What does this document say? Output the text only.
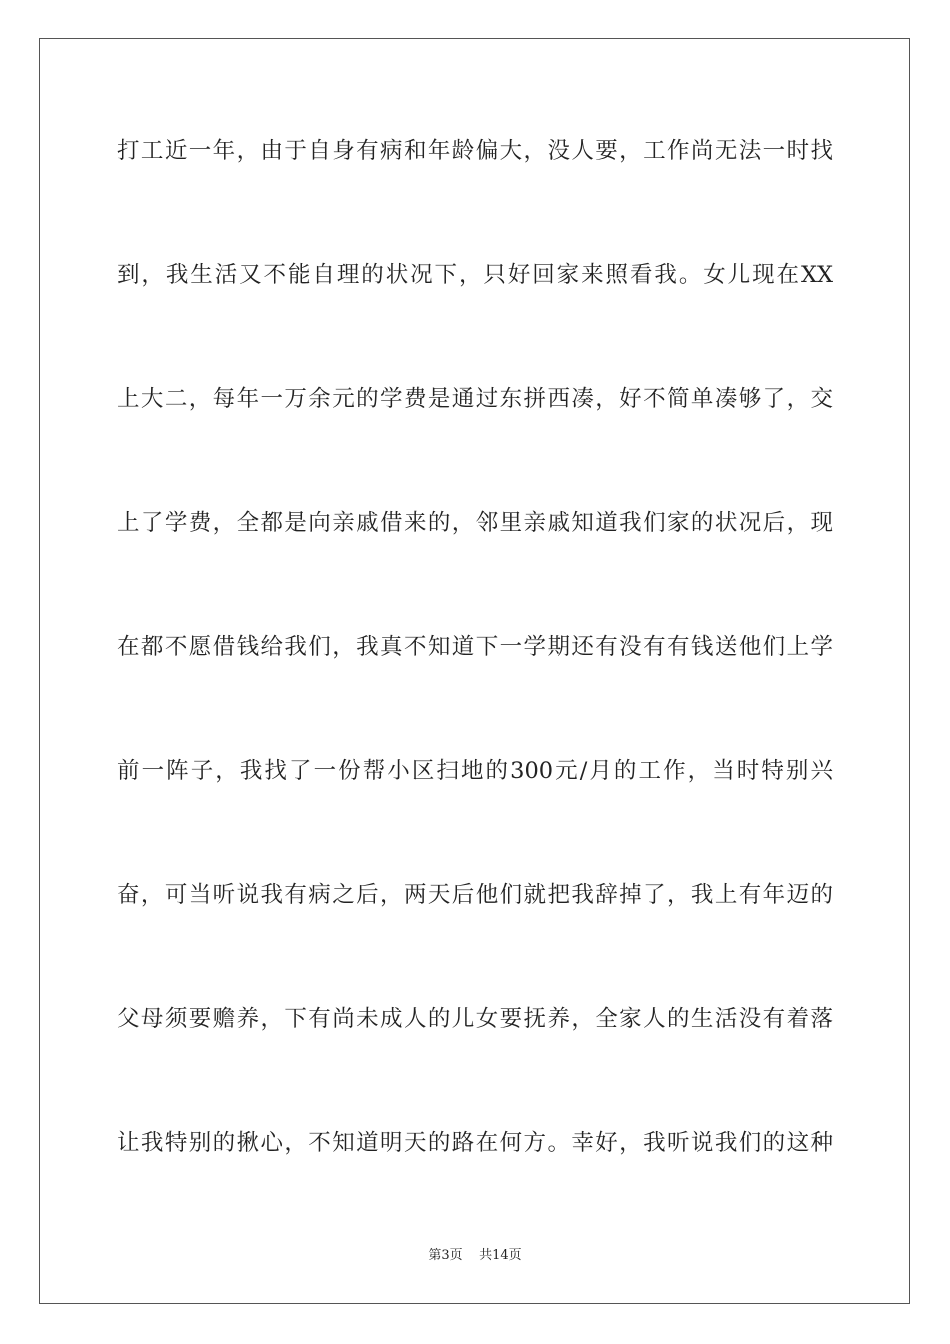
打工近一年，由于自身有病和年龄偏大，没人要，工作尚无法一时找
到，我生活又不能自理的状况下，只好回家来照看我。女儿现在XX
上大二，每年一万余元的学费是通过东拼西凑，好不简单凑够了，交
上了学费，全都是向亲戚借来的，邻里亲戚知道我们家的状况后，现
在都不愿借钱给我们，我真不知道下一学期还有没有有钱送他们上学
前一阵子，我找了一份帮小区扫地的300元/月的工作，当时特别兴
奋，可当听说我有病之后，两天后他们就把我辞掉了，我上有年迈的
父母须要赡养，下有尚未成人的儿女要抚养，全家人的生活没有着落
让我特别的揪心，不知道明天的路在何方。幸好，我听说我们的这种
第3页    共14页
